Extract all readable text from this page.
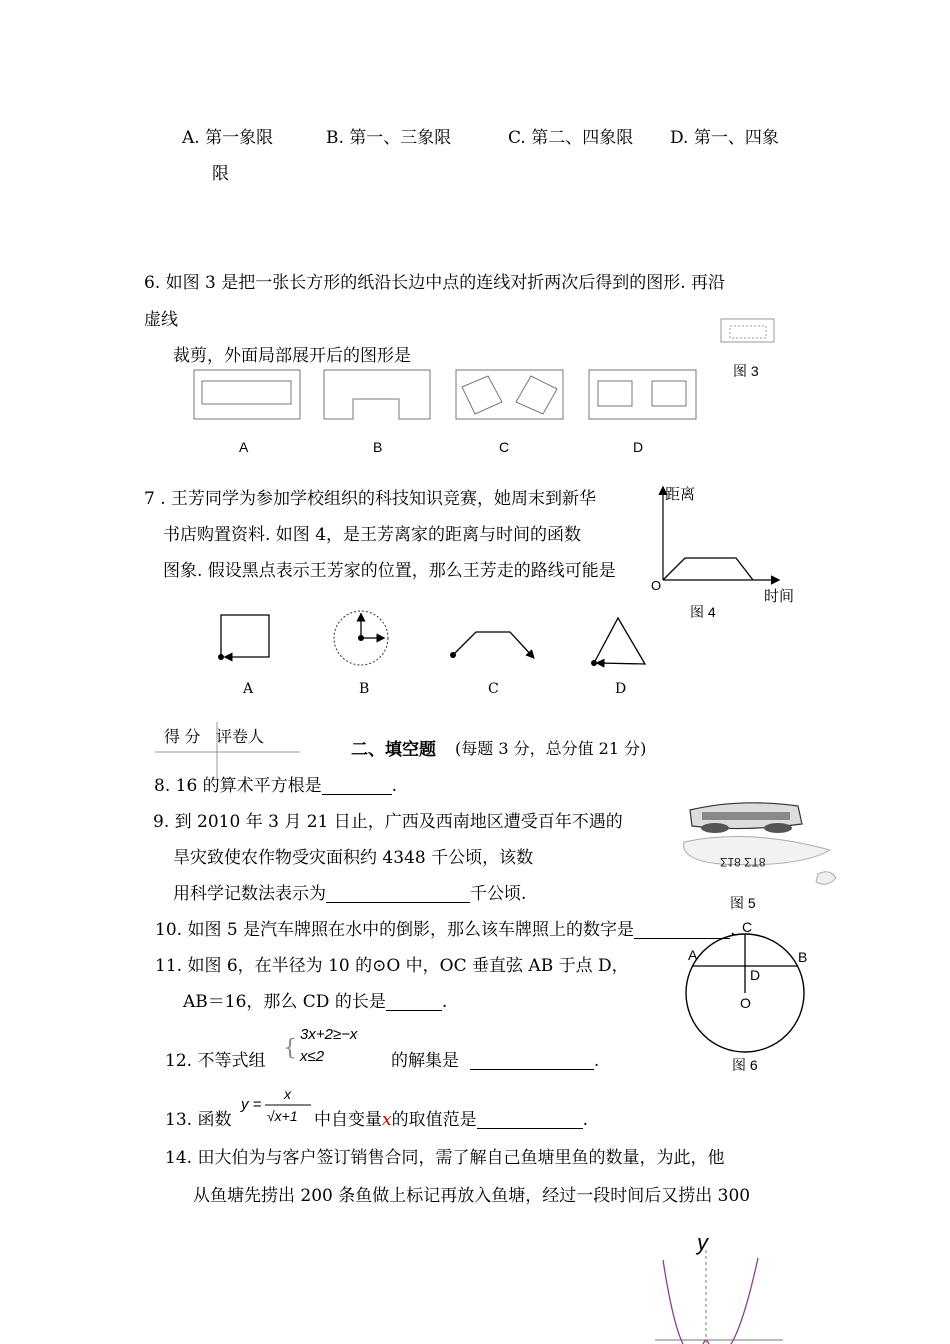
A. 第一象限	B. 第一、三象限	C. 第二、四象限 D. 第一、四象
限
6. 如图 3 是把一张长方形的纸沿长边中点的连线对折两次后得到的图形. 再沿
虚线
裁剪，外面局部展开后的图形是
图 3
A	B	C	D
7 . 王芳同学为参加学校组织的科技知识竞赛，她周末到新华
书店购置资料. 如图 4，是王芳离家的距离与时间的函数
图象. 假设黑点表示王芳家的位置，那么王芳走的路线可能是
距离
时间
O
图 4
A	B	C	D
得 分 评卷人
二、填空题 (每题 3 分，总分值 21 分)
8. 16 的算术平方根是	.
9. 到 2010 年 3 月 21 日止，广西及西南地区遭受百年不遇的
旱灾致使农作物受灾面积约 4348 千公顷，该数
用科学记数法表示为	千公顷.
Σ18 ΣΤ8
图 5
10. 如图 5 是汽车牌照在水中的倒影，那么该车牌照上的数字是	.
11. 如图 6，在半径为 10 的⊙O 中，OC 垂直弦 AB 于点 D，
AB＝16，那么 CD 的长是	.
C
A	B
D
O
图 6
12. 不等式组 {
3x+2≥−x
x≤2	的解集是	.
13. 函数
y =
x
√x+1 中自变量x的取值范是	.
14. 田大伯为与客户签订销售合同，需了解自己鱼塘里鱼的数量，为此，他
从鱼塘先捞出 200 条鱼做上标记再放入鱼塘，经过一段时间后又捞出 300
y
